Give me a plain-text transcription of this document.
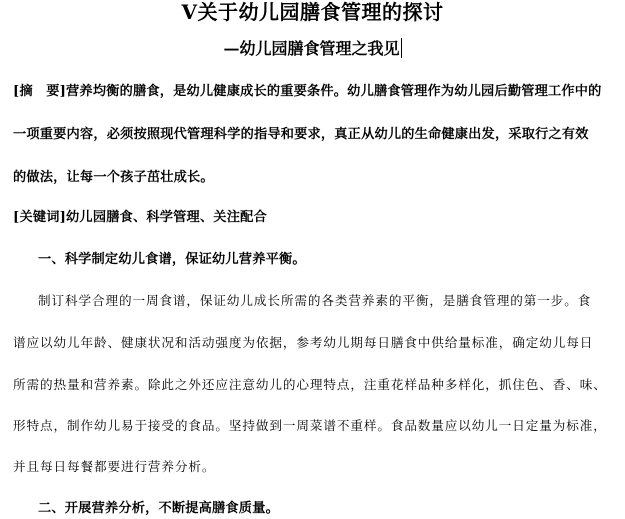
Ⅴ关于幼儿园膳食管理的探讨
—幼儿园膳食管理之我见
[摘　要]营养均衡的膳食，是幼儿健康成长的重要条件。幼儿膳食管理作为幼儿园后勤管理工作中的
一项重要内容，必须按照现代管理科学的指导和要求，真正从幼儿的生命健康出发，采取行之有效
的做法，让每一个孩子茁壮成长。
[关键词]幼儿园膳食、科学管理、关注配合
一、科学制定幼儿食谱，保证幼儿营养平衡。
制订科学合理的一周食谱，保证幼儿成长所需的各类营养素的平衡，是膳食管理的第一步。食
谱应以幼儿年龄、健康状况和活动强度为依据，参考幼儿期每日膳食中供给量标准，确定幼儿每日
所需的热量和营养素。除此之外还应注意幼儿的心理特点，注重花样品种多样化，抓住色、香、味、
形特点，制作幼儿易于接受的食品。坚持做到一周菜谱不重样。食品数量应以幼儿一日定量为标准，
并且每日每餐都要进行营养分析。
二、开展营养分析，不断提高膳食质量。
